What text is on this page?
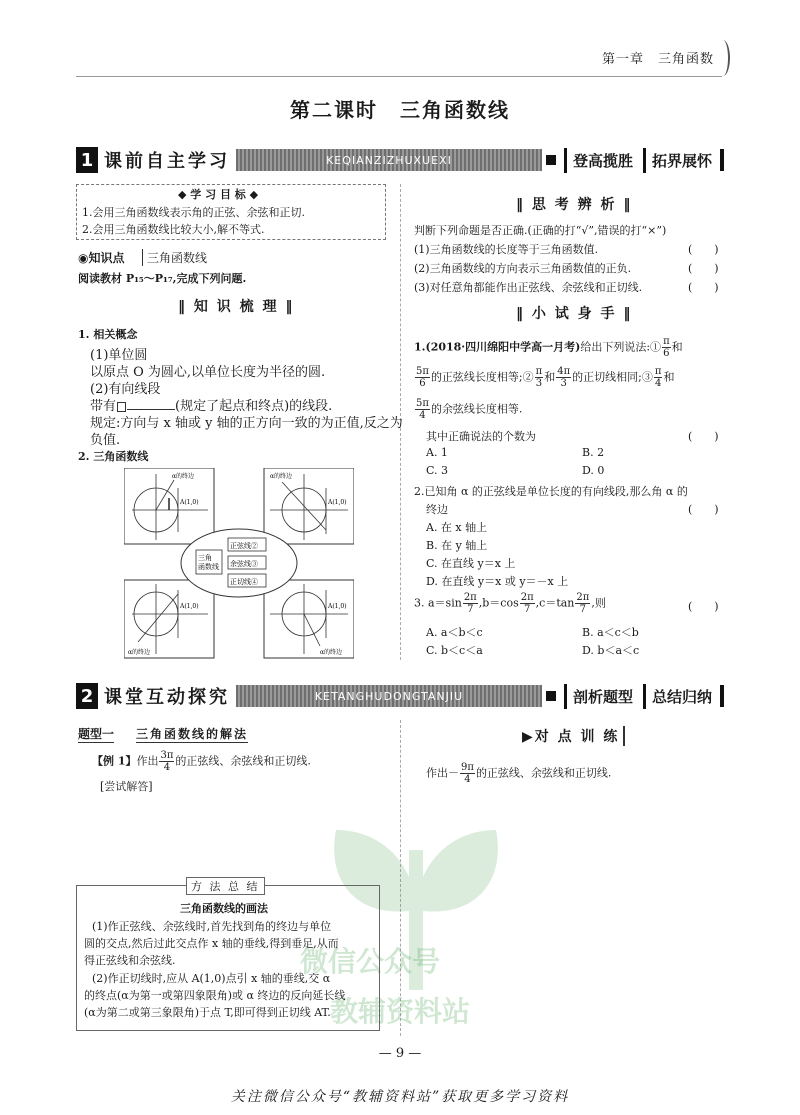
第一章　三角函数
第二课时　三角函数线
1 课前自主学习	KEQIANZIZHUXUEXI	登高揽胜	拓界展怀
◆ 学 习 目 标 ◆
1.会用三角函数线表示角的正弦、余弦和正切.
2.会用三角函数线比较大小,解不等式.
◉知识点	三角函数线
阅读教材 P₁₅～P₁₇,完成下列问题.
‖ 知 识 梳 理 ‖
1. 相关概念
(1)单位圆
以原点 O 为圆心,以单位长度为半径的圆.
(2)有向线段
带有	(规定了起点和终点)的线段.
规定:方向与 x 轴或 y 轴的正方向一致的为正值,反之为
负值.
2. 三角函数线
三角
函数线
正弦线②
余弦线③
正切线④
α的终边
A(1,0)
α的终边
A(1,0)
A(1,0)
α的终边
A(1,0)
α的终边
‖ 思 考 辨 析 ‖
判断下列命题是否正确.(正确的打“√”,错误的打“×”)
(1)三角函数线的长度等于三角函数值.	(　　)
(2)三角函数线的方向表示三角函数值的正负.	(　　)
(3)对任意角都能作出正弦线、余弦线和正切线.	(　　)
‖ 小 试 身 手 ‖
1.(2018·四川绵阳中学高一月考)给出下列说法:① $\frac{\pi}{6}$ 和
$\frac{5\pi}{6}$ 的正弦线长度相等;② $\frac{\pi}{3}$ 和 $\frac{4\pi}{3}$ 的正切线相同;③ $\frac{\pi}{4}$ 和
$\frac{5\pi}{4}$ 的余弦线长度相等.
其中正确说法的个数为	(　　)
A. 1	B. 2
C. 3	D. 0
2.已知角 α 的正弦线是单位长度的有向线段,那么角 α 的
终边	(　　)
A. 在 x 轴上
B. 在 y 轴上
C. 在直线 y＝x 上
D. 在直线 y＝x 或 y＝－x 上
3. $a=\sin \frac{2\pi}{7} ,b=\cos \frac{2\pi}{7} ,c=\tan \frac{2\pi}{7}$ ,则	(　　)
A. a＜b＜c	B. a＜c＜b
C. b＜c＜a	D. b＜a＜c
2 课堂互动探究	KETANGHUDONGTANJIU	剖析题型	总结归纳
题型一 三角函数线的解法
【例 1】作出 $\frac{3\pi}{4}$ 的正弦线、余弦线和正切线.
[尝试解答]
▶对 点 训 练
作出－ $\frac{9\pi}{4}$ 的正弦线、余弦线和正切线.
微信公众号
教辅资料站
方 法 总 结
三角函数线的画法
(1)作正弦线、余弦线时,首先找到角的终边与单位
圆的交点,然后过此交点作 x 轴的垂线,得到垂足,从而
得正弦线和余弦线.
(2)作正切线时,应从 A(1,0)点引 x 轴的垂线,交 α
的终点(α为第一或第四象限角)或 α 终边的反向延长线
(α为第二或第三象限角)于点 T,即可得到正切线 AT.
— 9 —
关注微信公众号“教辅资料站”获取更多学习资料
